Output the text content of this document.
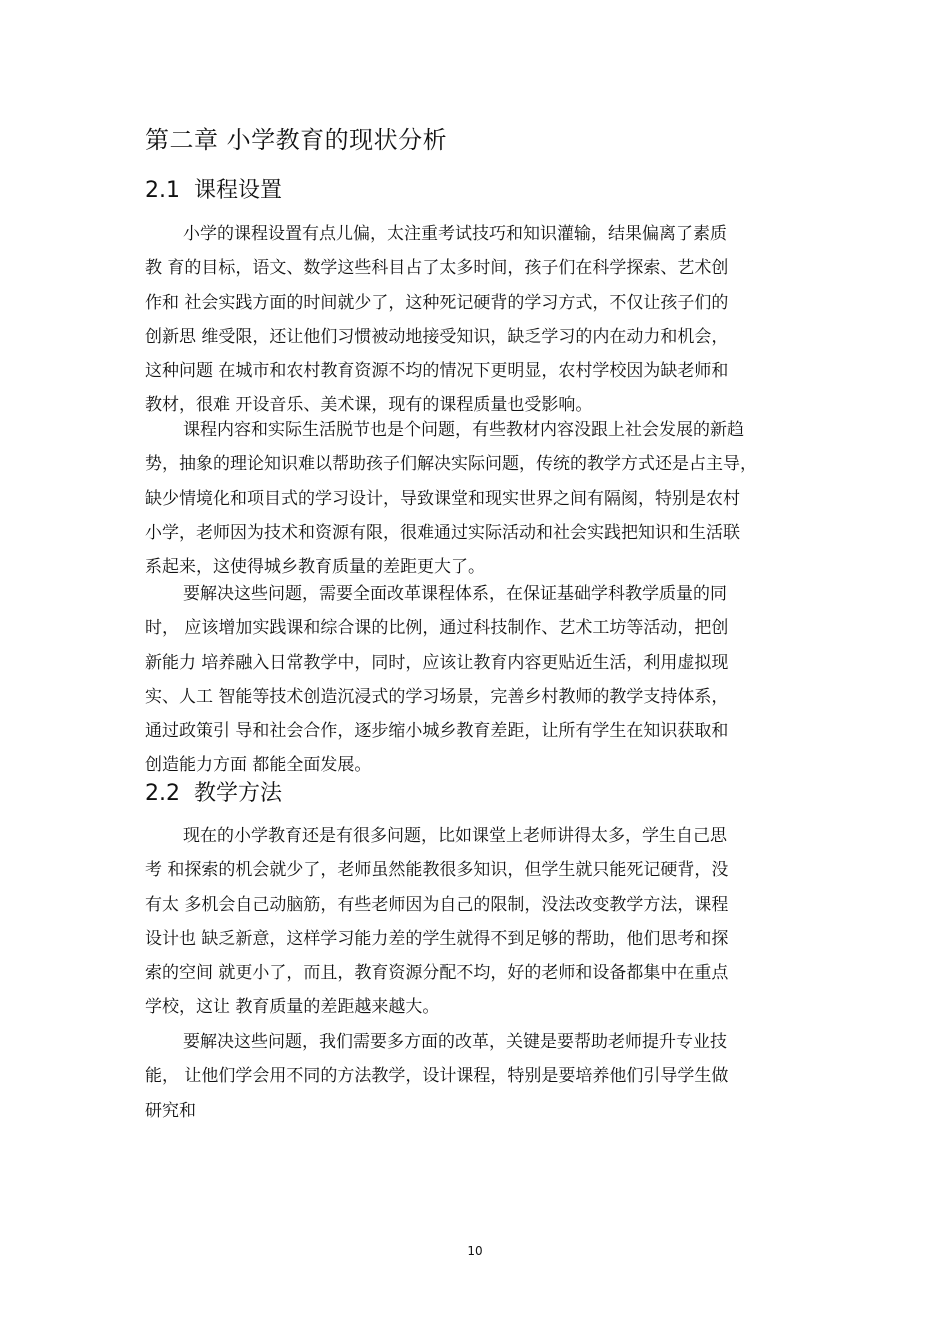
第二章 小学教育的现状分析
2.1 课程设置
小学的课程设置有点儿偏，太注重考试技巧和知识灌输，结果偏离了素质
教 育的目标，语文、数学这些科目占了太多时间，孩子们在科学探索、艺术创
作和 社会实践方面的时间就少了，这种死记硬背的学习方式，不仅让孩子们的
创新思 维受限，还让他们习惯被动地接受知识，缺乏学习的内在动力和机会，
这种问题 在城市和农村教育资源不均的情况下更明显，农村学校因为缺老师和
教材，很难 开设音乐、美术课，现有的课程质量也受影响。
课程内容和实际生活脱节也是个问题，有些教材内容没跟上社会发展的新趋
势，抽象的理论知识难以帮助孩子们解决实际问题，传统的教学方式还是占主导，
缺少情境化和项目式的学习设计，导致课堂和现实世界之间有隔阂，特别是农村
小学，老师因为技术和资源有限，很难通过实际活动和社会实践把知识和生活联
系起来，这使得城乡教育质量的差距更大了。
要解决这些问题，需要全面改革课程体系，在保证基础学科教学质量的同
时， 应该增加实践课和综合课的比例，通过科技制作、艺术工坊等活动，把创
新能力 培养融入日常教学中，同时，应该让教育内容更贴近生活，利用虚拟现
实、人工 智能等技术创造沉浸式的学习场景，完善乡村教师的教学支持体系，
通过政策引 导和社会合作，逐步缩小城乡教育差距，让所有学生在知识获取和
创造能力方面 都能全面发展。
2.2 教学方法
现在的小学教育还是有很多问题，比如课堂上老师讲得太多，学生自己思
考 和探索的机会就少了，老师虽然能教很多知识，但学生就只能死记硬背，没
有太 多机会自己动脑筋，有些老师因为自己的限制，没法改变教学方法，课程
设计也 缺乏新意，这样学习能力差的学生就得不到足够的帮助，他们思考和探
索的空间 就更小了，而且，教育资源分配不均，好的老师和设备都集中在重点
学校，这让 教育质量的差距越来越大。
要解决这些问题，我们需要多方面的改革，关键是要帮助老师提升专业技
能， 让他们学会用不同的方法教学，设计课程，特别是要培养他们引导学生做
研究和

10
